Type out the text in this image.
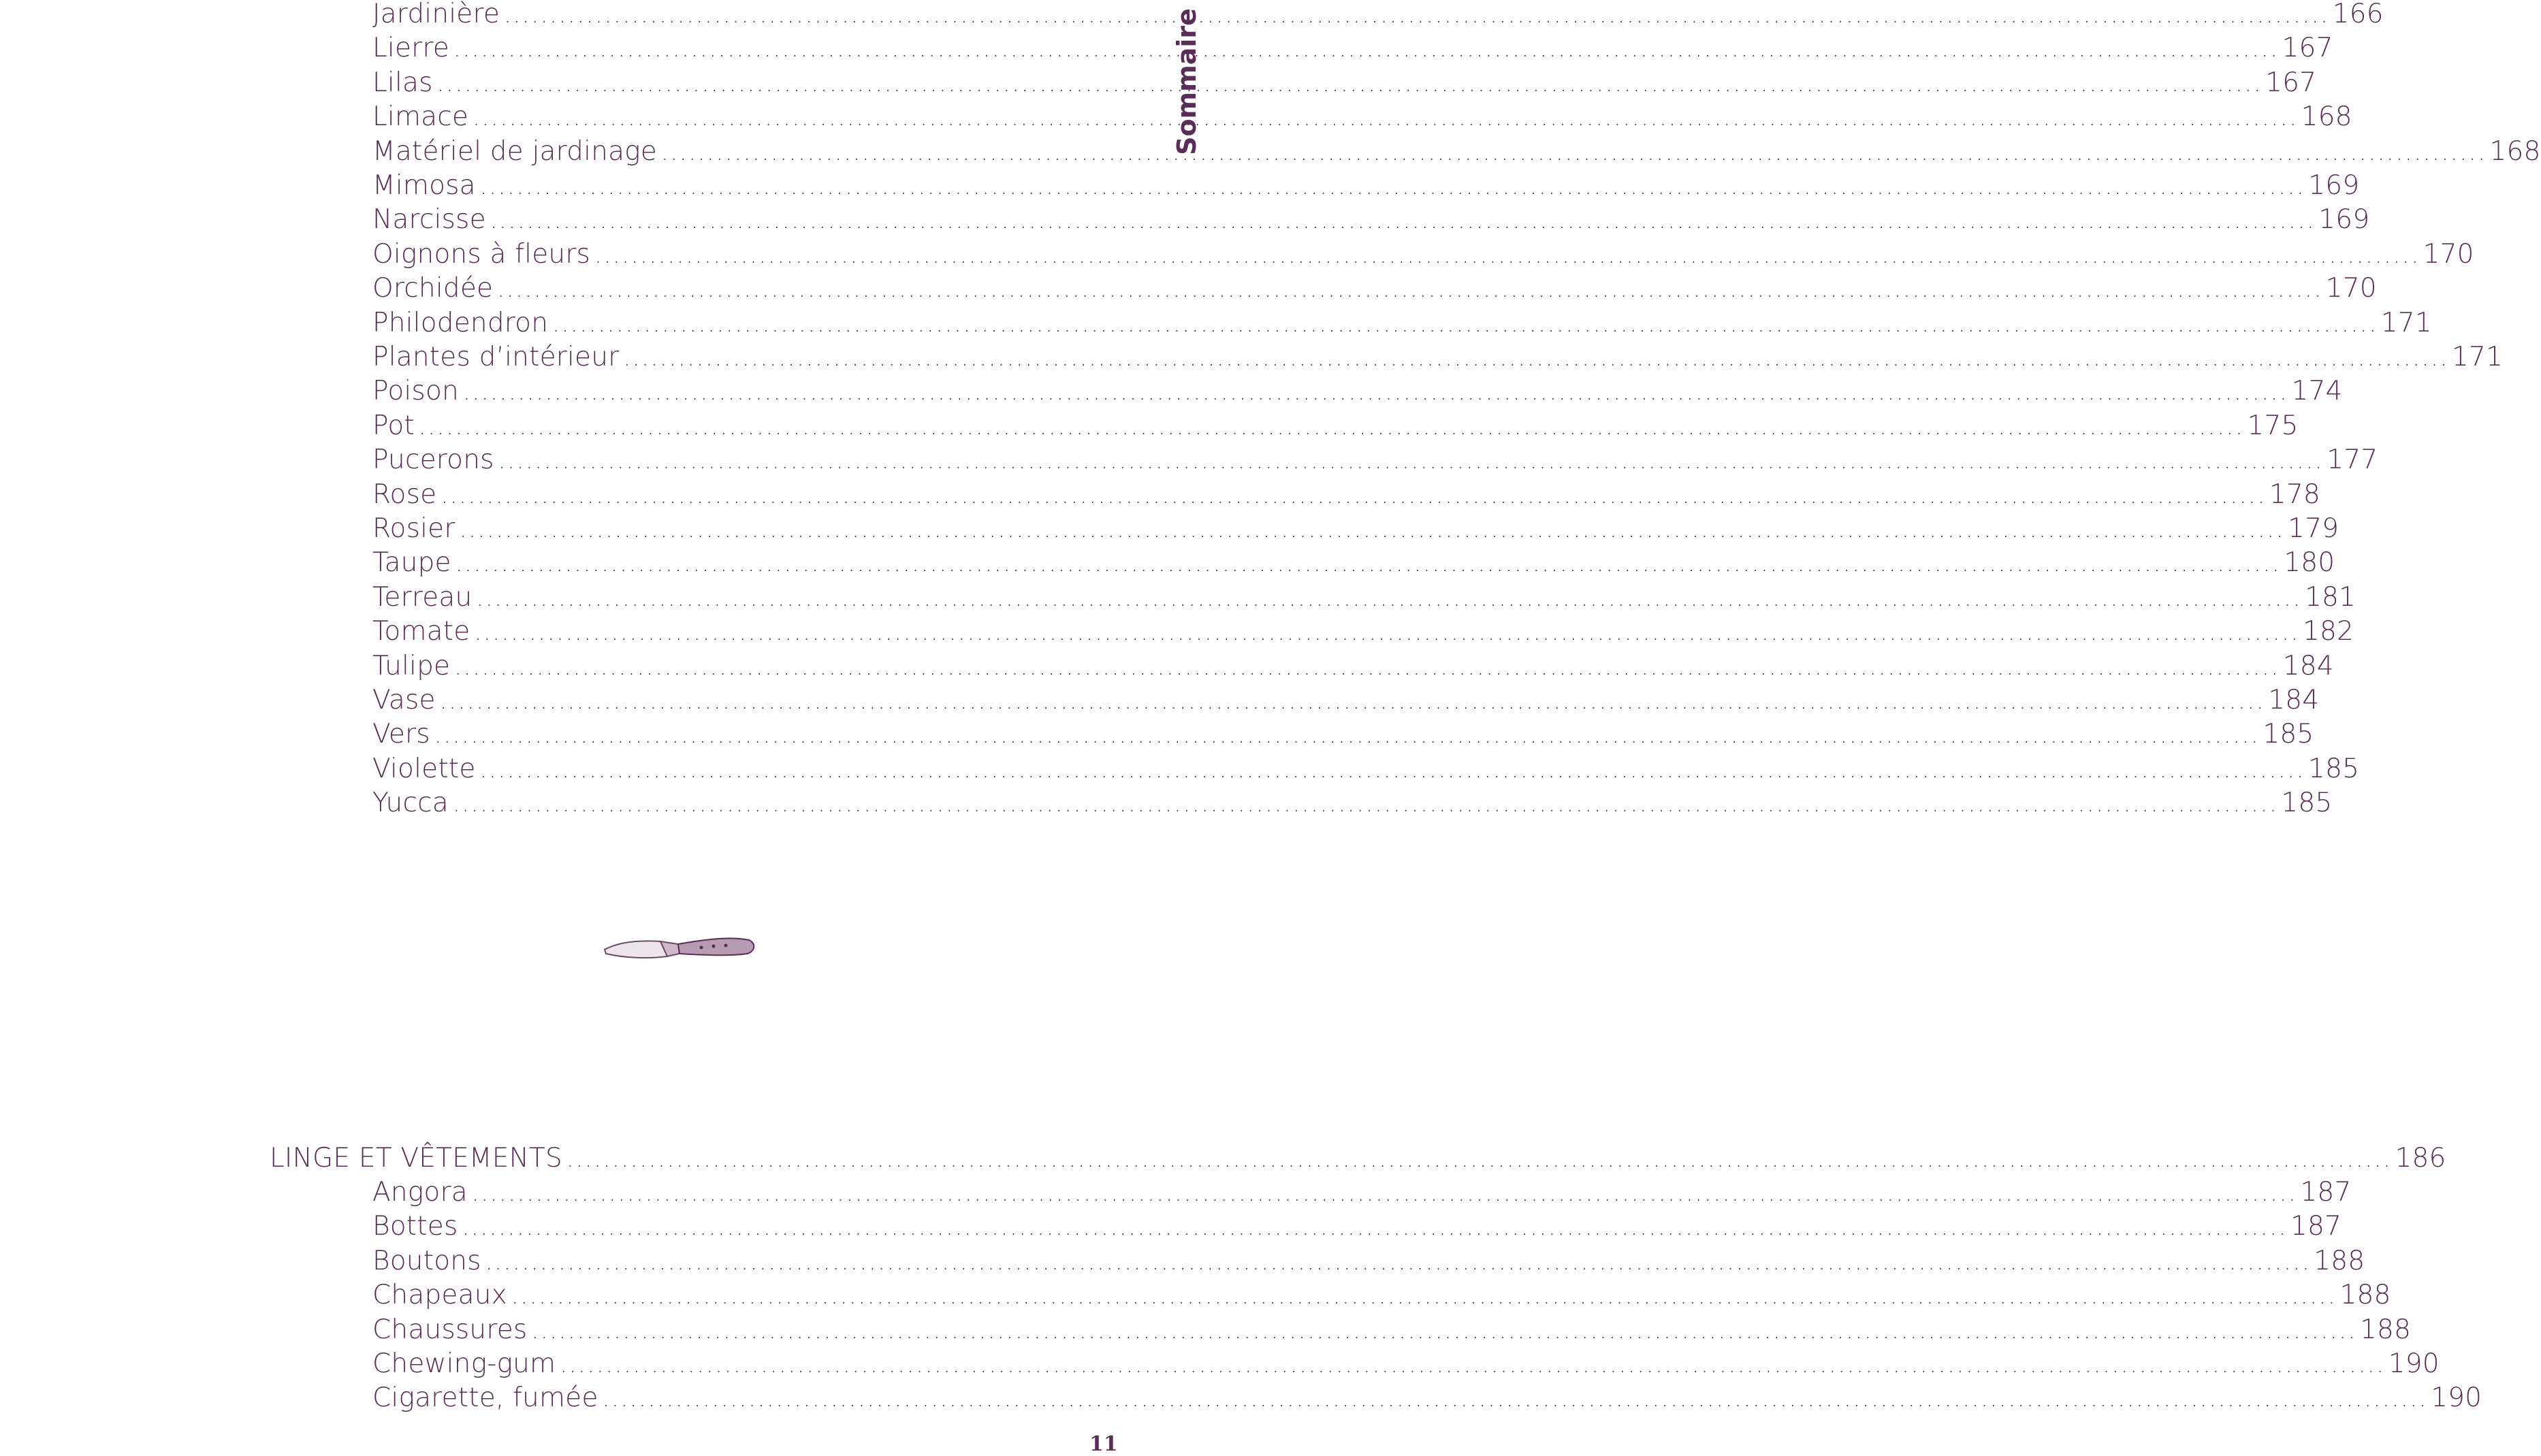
Sommaire
Jardinière ........................................................................................................................................................................................................ 166
Lierre ........................................................................................................................................................................................................ 167
Lilas ........................................................................................................................................................................................................ 167
Limace ........................................................................................................................................................................................................ 168
Matériel de jardinage ........................................................................................................................................................................................................ 168
Mimosa ........................................................................................................................................................................................................ 169
Narcisse ........................................................................................................................................................................................................ 169
Oignons à fleurs ........................................................................................................................................................................................................ 170
Orchidée ........................................................................................................................................................................................................ 170
Philodendron ........................................................................................................................................................................................................ 171
Plantes d’intérieur ........................................................................................................................................................................................................ 171
Poison ........................................................................................................................................................................................................ 174
Pot ........................................................................................................................................................................................................ 175
Pucerons ........................................................................................................................................................................................................ 177
Rose ........................................................................................................................................................................................................ 178
Rosier ........................................................................................................................................................................................................ 179
Taupe ........................................................................................................................................................................................................ 180
Terreau ........................................................................................................................................................................................................ 181
Tomate ........................................................................................................................................................................................................ 182
Tulipe ........................................................................................................................................................................................................ 184
Vase ........................................................................................................................................................................................................ 184
Vers ........................................................................................................................................................................................................ 185
Violette ........................................................................................................................................................................................................ 185
Yucca ........................................................................................................................................................................................................ 185
LINGE ET VÊTEMENTS ........................................................................................................................................................................................................ 186
Angora ........................................................................................................................................................................................................ 187
Bottes ........................................................................................................................................................................................................ 187
Boutons ........................................................................................................................................................................................................ 188
Chapeaux ........................................................................................................................................................................................................ 188
Chaussures ........................................................................................................................................................................................................ 188
Chewing-gum ........................................................................................................................................................................................................ 190
Cigarette, fumée ........................................................................................................................................................................................................ 190
11
